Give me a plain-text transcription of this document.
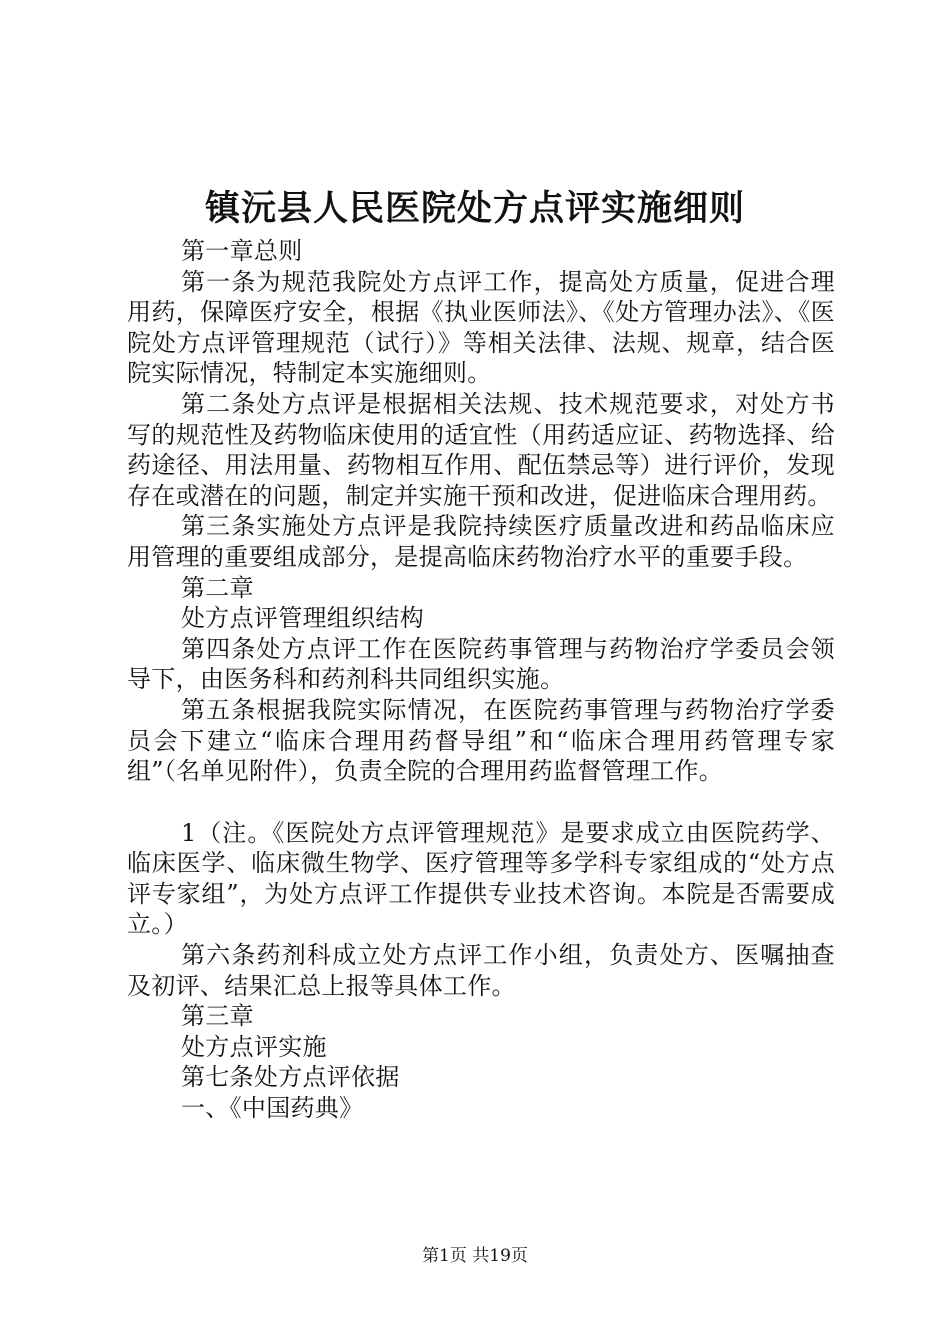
镇沅县人民医院处方点评实施细则

第一章总则

第一条为规范我院处方点评工作，提高处方质量，促进合理用药，保障医疗安全，根据《执业医师法》、《处方管理办法》、《医院处方点评管理规范（试行）》等相关法律、法规、规章，结合医院实际情况，特制定本实施细则。

第二条处方点评是根据相关法规、技术规范要求，对处方书写的规范性及药物临床使用的适宜性（用药适应证、药物选择、给药途径、用法用量、药物相互作用、配伍禁忌等）进行评价，发现存在或潜在的问题，制定并实施干预和改进，促进临床合理用药。

第三条实施处方点评是我院持续医疗质量改进和药品临床应用管理的重要组成部分，是提高临床药物治疗水平的重要手段。

第二章

处方点评管理组织结构

第四条处方点评工作在医院药事管理与药物治疗学委员会领导下，由医务科和药剂科共同组织实施。

第五条根据我院实际情况，在医院药事管理与药物治疗学委员会下建立“临床合理用药督导组”和“临床合理用药管理专家组”（名单见附件），负责全院的合理用药监督管理工作。

1（注。《医院处方点评管理规范》是要求成立由医院药学、临床医学、临床微生物学、医疗管理等多学科专家组成的“处方点评专家组”，为处方点评工作提供专业技术咨询。本院是否需要成立。）

第六条药剂科成立处方点评工作小组，负责处方、医嘱抽查及初评、结果汇总上报等具体工作。

第三章

处方点评实施

第七条处方点评依据

一、《中国药典》

第1页 共19页
